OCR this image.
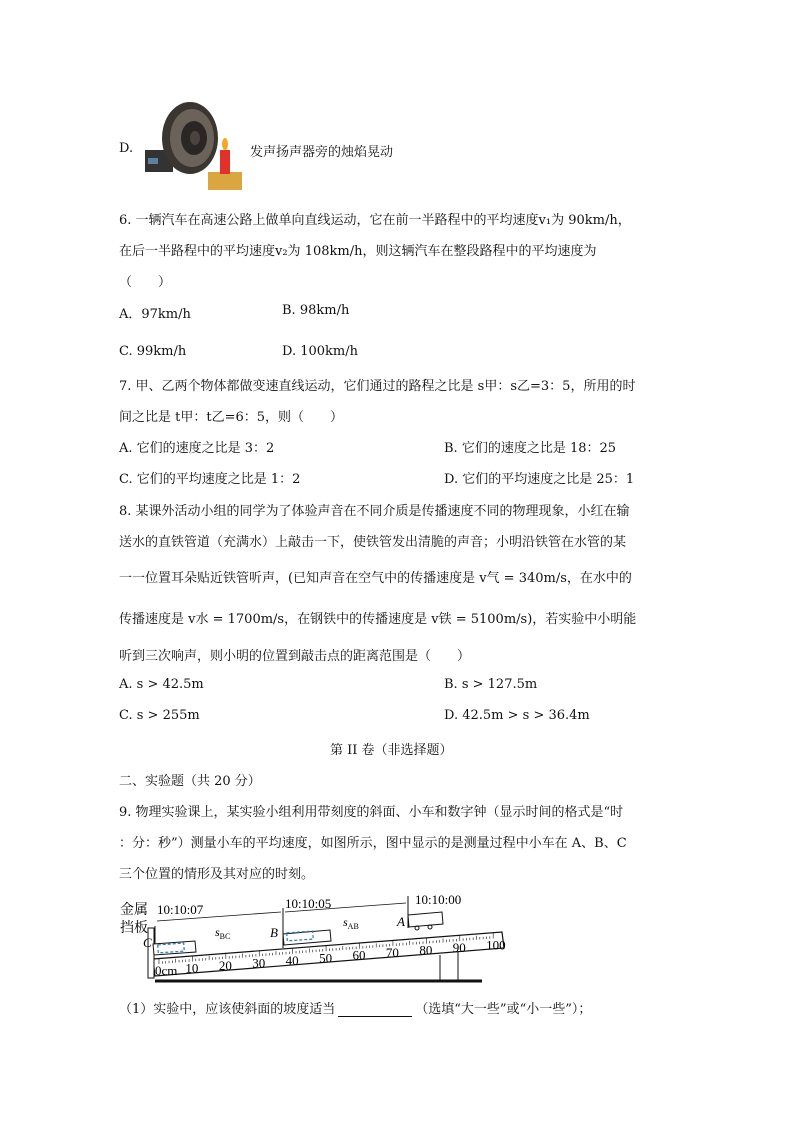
D.	发声扬声器旁的烛焰晃动
6. 一辆汽车在高速公路上做单向直线运动，它在前一半路程中的平均速度v₁为 90km/h，
在后一半路程中的平均速度v₂为 108km/h，则这辆汽车在整段路程中的平均速度为
（　　）
A．97km/h	B. 98km/h
C. 99km/h	D. 100km/h
7. 甲、乙两个物体都做变速直线运动，它们通过的路程之比是 s甲：s乙=3：5，所用的时
间之比是 t甲：t乙=6：5，则（　　）
A. 它们的速度之比是 3：2	B. 它们的速度之比是 18：25
C. 它们的平均速度之比是 1：2	D. 它们的平均速度之比是 25：1
8. 某课外活动小组的同学为了体验声音在不同介质是传播速度不同的物理现象，小红在输
送水的直铁管道（充满水）上敲击一下，使铁管发出清脆的声音；小明沿铁管在水管的某
一一位置耳朵贴近铁管听声，(已知声音在空气中的传播速度是 v气 = 340m/s，在水中的
传播速度是 v水 = 1700m/s，在钢铁中的传播速度是 v铁 = 5100m/s)，若实验中小明能
听到三次响声，则小明的位置到敲击点的距离范围是（　　）
A. s > 42.5m	B. s > 127.5m
C. s > 255m	D. 42.5m > s > 36.4m
第 II 卷（非选择题）
二、实验题（共 20 分）
9. 物理实验课上，某实验小组利用带刻度的斜面、小车和数字钟（显示时间的格式是“时
：分：秒”）测量小车的平均速度，如图所示，图中显示的是测量过程中小车在 A、B、C
三个位置的情形及其对应的时刻。
0cm 10 20 30 40 50 60 70 80 90 100
金属
挡板
10:10:07	10:10:05	10:10:00
A
B
C
$s_{BC}$
$s_{AB}$
（1）实验中，应该使斜面的坡度适当	（选填“大一些”或“小一些”）；
